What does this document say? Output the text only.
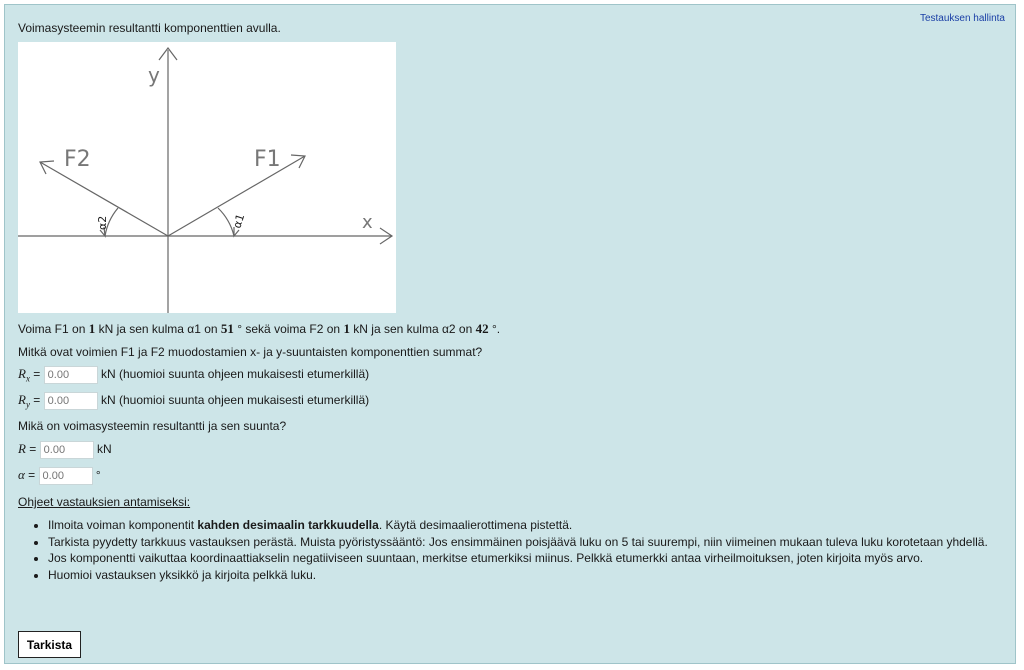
Testauksen hallinta
Voimasysteemin resultantti komponenttien avulla.
y
x
F1
F2
α1
α2
Voima F1 on 1 kN ja sen kulma α1 on 51 ° sekä voima F2 on 1 kN ja sen kulma α2 on 42 °.
Mitkä ovat voimien F1 ja F2 muodostamien x- ja y-suuntaisten komponenttien summat?
$R_x = 0.00$	kN (huomioi suunta ohjeen mukaisesti etumerkillä)
$R_y = 0.00$	kN (huomioi suunta ohjeen mukaisesti etumerkillä)
Mikä on voimasysteemin resultantti ja sen suunta?
R = 0.00	kN
α = 0.00	°
Ohjeet vastauksien antamiseksi:
• Ilmoita voiman komponentit kahden desimaalin tarkkuudella. Käytä desimaalierottimena pistettä.
• Tarkista pyydetty tarkkuus vastauksen perästä. Muista pyöristyssääntö: Jos ensimmäinen poisjäävä luku on 5 tai suurempi, niin viimeinen mukaan tuleva luku korotetaan yhdellä.
• Jos komponentti vaikuttaa koordinaattiakselin negatiiviseen suuntaan, merkitse etumerkiksi miinus. Pelkkä etumerkki antaa virheilmoituksen, joten kirjoita myös arvo.
• Huomioi vastauksen yksikkö ja kirjoita pelkkä luku.
Tarkista
